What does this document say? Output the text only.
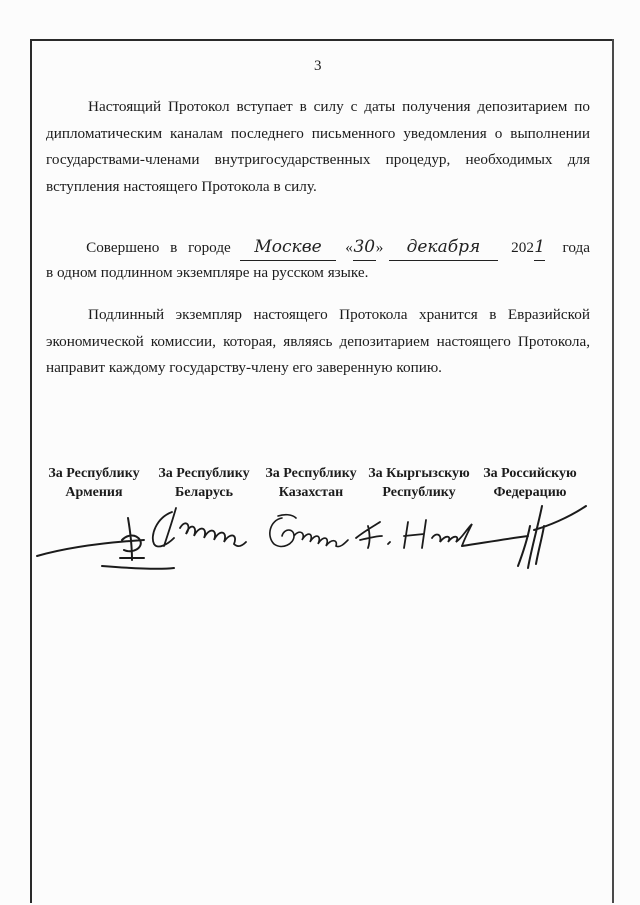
3

Настоящий Протокол вступает в силу с даты получения депозитарием по дипломатическим каналам последнего письменного уведомления о выполнении государствами-членами внутригосударственных процедур, необходимых для вступления настоящего Протокола в силу.

Совершено в городе	Москве	« 30 »	декабря	202 1 года
в одном подлинном экземпляре на русском языке.

Подлинный экземпляр настоящего Протокола хранится в Евразийской экономической комиссии, которая, являясь депозитарием настоящего Протокола, направит каждому государству-члену его заверенную копию.

За Республику
Армения
За Республику
Беларусь
За Республику
Казахстан
За Кыргызскую
Республику
За Российскую
Федерацию
